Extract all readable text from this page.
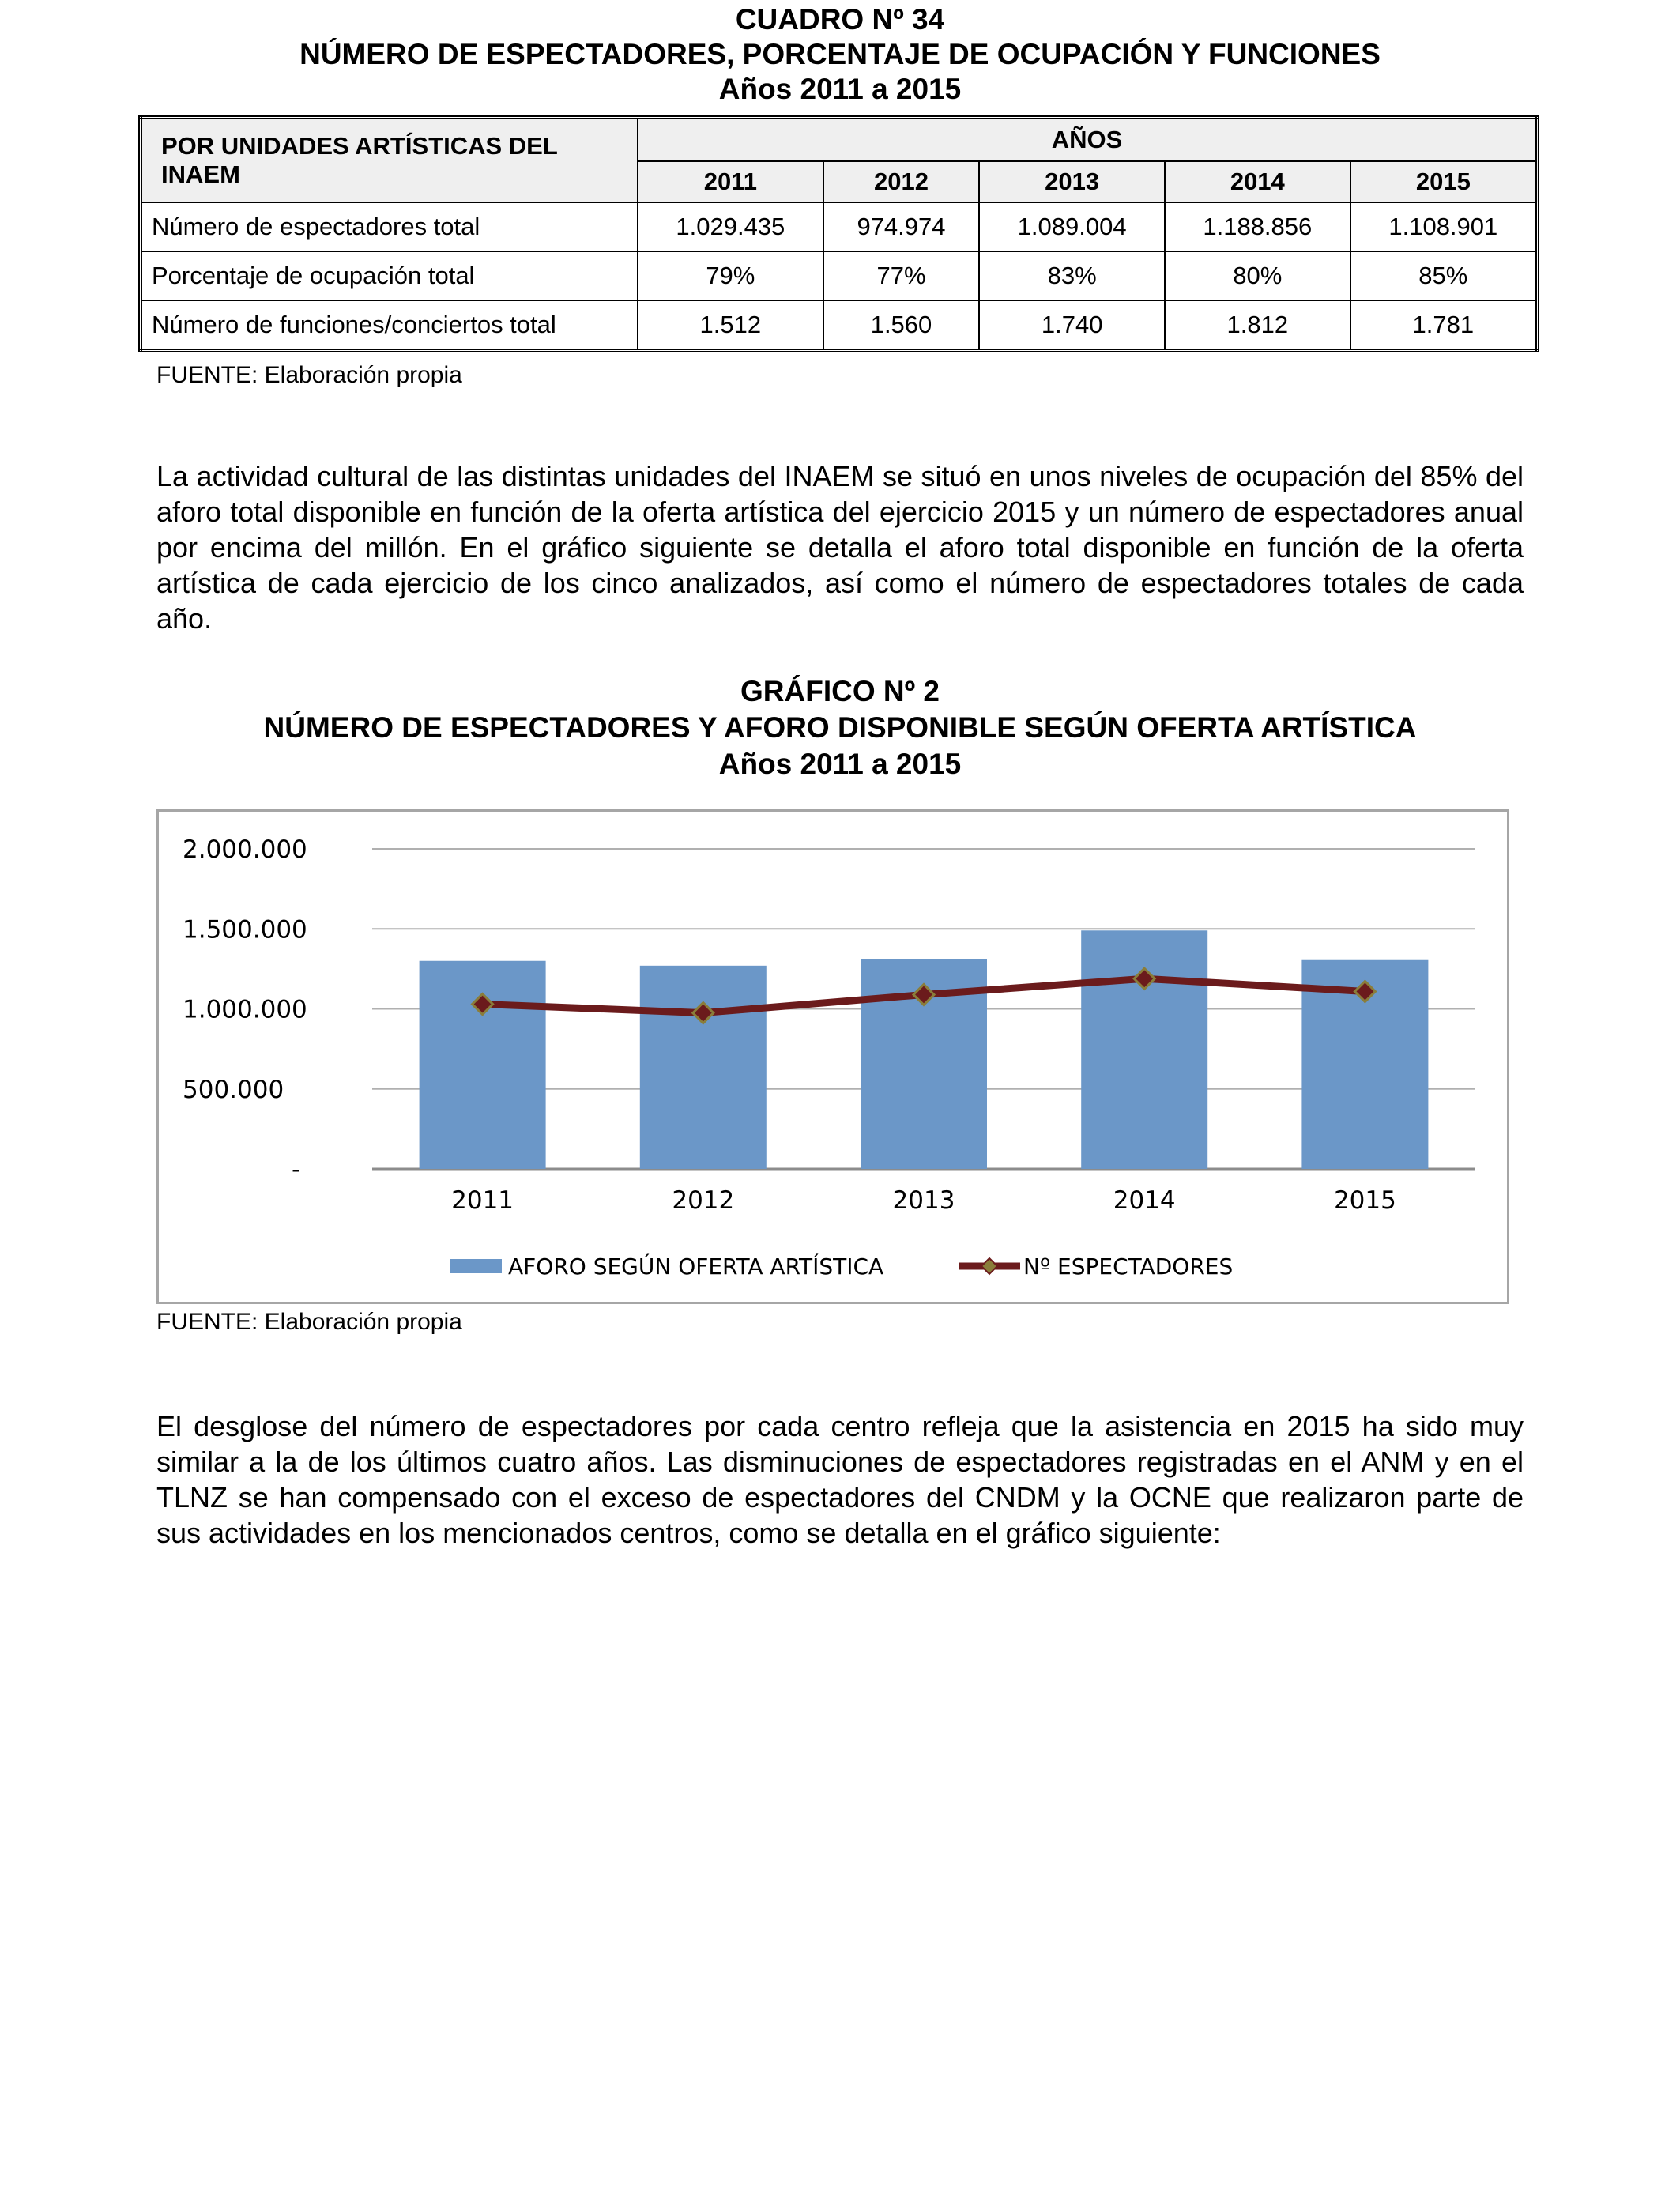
CUADRO Nº 34

NÚMERO DE ESPECTADORES, PORCENTAJE DE OCUPACIÓN Y FUNCIONES

Años 2011 a 2015

POR UNIDADES ARTÍSTICAS DEL INAEM	AÑOS				
	2011	2012	2013	2014	2015
Número de espectadores total	1.029.435	974.974	1.089.004	1.188.856	1.108.901
Porcentaje de ocupación total	79%	77%	83%	80%	85%
Número de funciones/conciertos total	1.512	1.560	1.740	1.812	1.781

FUENTE: Elaboración propia

La actividad cultural de las distintas unidades del INAEM se situó en unos niveles de ocupación del 85% del aforo total disponible en función de la oferta artística del ejercicio 2015 y un número de espectadores anual por encima del millón. En el gráfico siguiente se detalla el aforo total disponible en función de la oferta artística de cada ejercicio de los cinco analizados, así como el número de espectadores totales de cada año.

GRÁFICO Nº 2

NÚMERO DE ESPECTADORES Y AFORO DISPONIBLE SEGÚN OFERTA ARTÍSTICA

Años 2011 a 2015

-
500.000
1.000.000
1.500.000
2.000.000
2011	2012	2013	2014	2015
AFORO SEGÚN OFERTA ARTÍSTICA	Nº ESPECTADORES

FUENTE: Elaboración propia

El desglose del número de espectadores por cada centro refleja que la asistencia en 2015 ha sido muy similar a la de los últimos cuatro años. Las disminuciones de espectadores registradas en el ANM y en el TLNZ se han compensado con el exceso de espectadores del CNDM y la OCNE que realizaron parte de sus actividades en los mencionados centros, como se detalla en el gráfico siguiente:
